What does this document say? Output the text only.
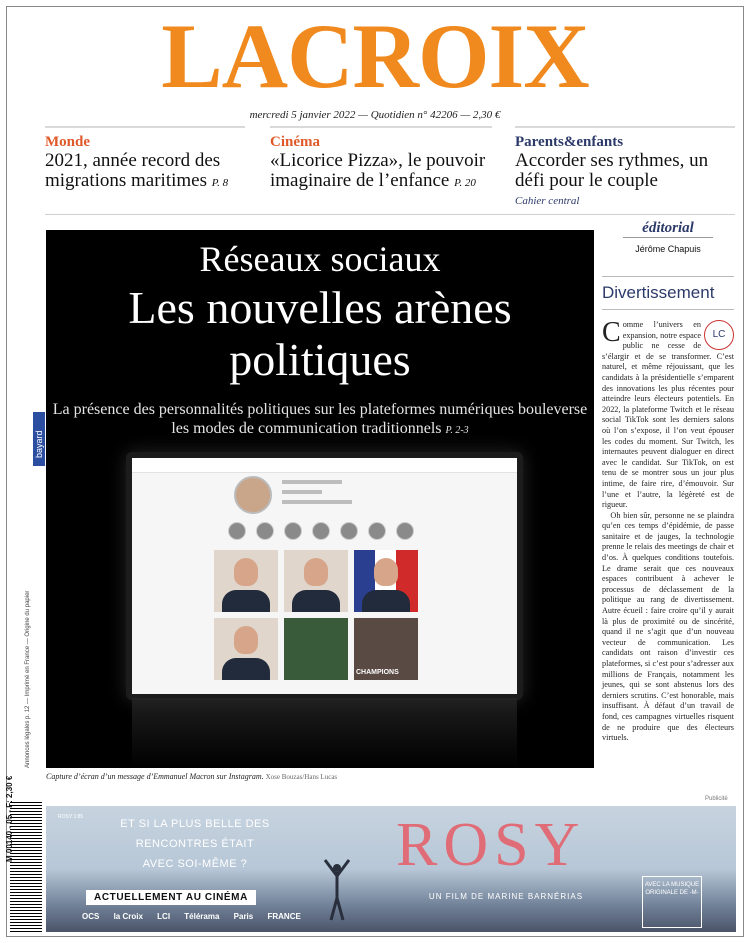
LACROIX
mercredi 5 janvier 2022 — Quotidien n° 42206 — 2,30 €
Monde
2021, année record des migrations maritimes P. 8
Cinéma
«Licorice Pizza», le pouvoir imaginaire de l’enfance P. 20
Parents&enfants
Accorder ses rythmes, un défi pour le couple
Cahier central
bayard
Annonces légales p. 12 — Imprimé en France — Origine du papier
Réseaux sociaux
Les nouvelles arènes politiques
La présence des personnalités politiques sur les plateformes numériques bouleverse les modes de communication traditionnels P. 2-3
CHAMPIONS
Capture d’écran d’un message d’Emmanuel Macron sur Instagram. Xose Bouzas/Hans Lucas
éditorial
Jérôme Chapuis
Divertissement
C	LC
omme l’univers en expansion, notre espace public ne cesse de s’élargir et de se transformer. C’est naturel, et même réjouissant, que les candidats à la présidentielle s’emparent des innovations les plus récentes pour atteindre leurs électeurs potentiels. En 2022, la plateforme Twitch et le réseau social TikTok sont les derniers salons où l’on s’expose, il l’on veut épouser les codes du moment. Sur Twitch, les internautes peuvent dialoguer en direct avec le candidat. Sur TikTok, on est tenu de se montrer sous un jour plus intime, de faire rire, d’émouvoir. Sur l’une et l’autre, la légèreté est de rigueur.
Oh bien sûr, personne ne se plaindra qu’en ces temps d’épidémie, de passe sanitaire et de jauges, la technologie prenne le relais des meetings de chair et d’os. À quelques conditions toutefois. Le drame serait que ces nouveaux espaces contribuent à achever le processus de déclassement de la politique au rang de divertissement. Autre écueil : faire croire qu’il y aurait là plus de proximité ou de sincérité, quand il ne s’agit que d’un nouveau vecteur de communication. Les candidats ont raison d’investir ces plateformes, si c’est pour s’adresser aux millions de Français, notamment les jeunes, qui se sont abstenus lors des derniers scrutins. C’est honorable, mais insuffisant. À défaut d’un travail de fond, ces campagnes virtuelles risquent de ne produire que des électeurs virtuels.
Publicité
M 00140 - 05 - F: 2,30 €	ROSY 1:85
ET SI LA PLUS BELLE DES RENCONTRES ÉTAIT AVEC SOI-MÊME ?	ROSY
UN FILM DE MARINE BARNÉRIAS
ACTUELLEMENT AU CINÉMA
OCS la Croix LCI Télérama Paris FRANCE
AVEC LA MUSIQUE ORIGINALE DE -M-
